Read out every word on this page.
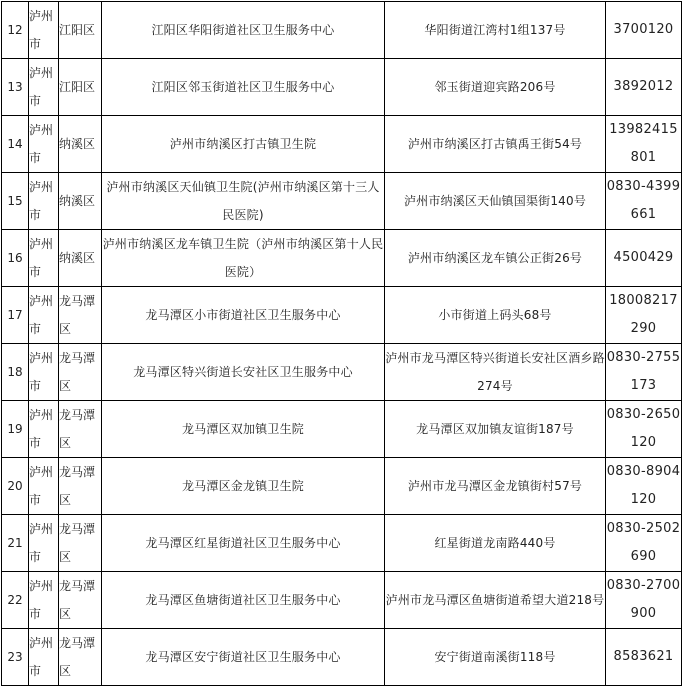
12	泸州市	江阳区	江阳区华阳街道社区卫生服务中心	华阳街道江湾村1组137号	3700120
13	泸州市	江阳区	江阳区邻玉街道社区卫生服务中心	邻玉街道迎宾路206号	3892012
14	泸州市	纳溪区	泸州市纳溪区打古镇卫生院	泸州市纳溪区打古镇禹王街54号	13982415801
15	泸州市	纳溪区	泸州市纳溪区天仙镇卫生院(泸州市纳溪区第十三人民医院)	泸州市纳溪区天仙镇国渠街140号	0830-4399661
16	泸州市	纳溪区	泸州市纳溪区龙车镇卫生院（泸州市纳溪区第十人民医院）	泸州市纳溪区龙车镇公正街26号	4500429
17	泸州市	龙马潭区	龙马潭区小市街道社区卫生服务中心	小市街道上码头68号	18008217290
18	泸州市	龙马潭区	龙马潭区特兴街道长安社区卫生服务中心	泸州市龙马潭区特兴街道长安社区酒乡路274号	0830-2755173
19	泸州市	龙马潭区	龙马潭区双加镇卫生院	龙马潭区双加镇友谊街187号	0830-2650120
20	泸州市	龙马潭区	龙马潭区金龙镇卫生院	泸州市龙马潭区金龙镇街村57号	0830-8904120
21	泸州市	龙马潭区	龙马潭区红星街道社区卫生服务中心	红星街道龙南路440号	0830-2502690
22	泸州市	龙马潭区	龙马潭区鱼塘街道社区卫生服务中心	泸州市龙马潭区鱼塘街道希望大道218号	0830-2700900
23	泸州市	龙马潭区	龙马潭区安宁街道社区卫生服务中心	安宁街道南溪街118号	8583621
